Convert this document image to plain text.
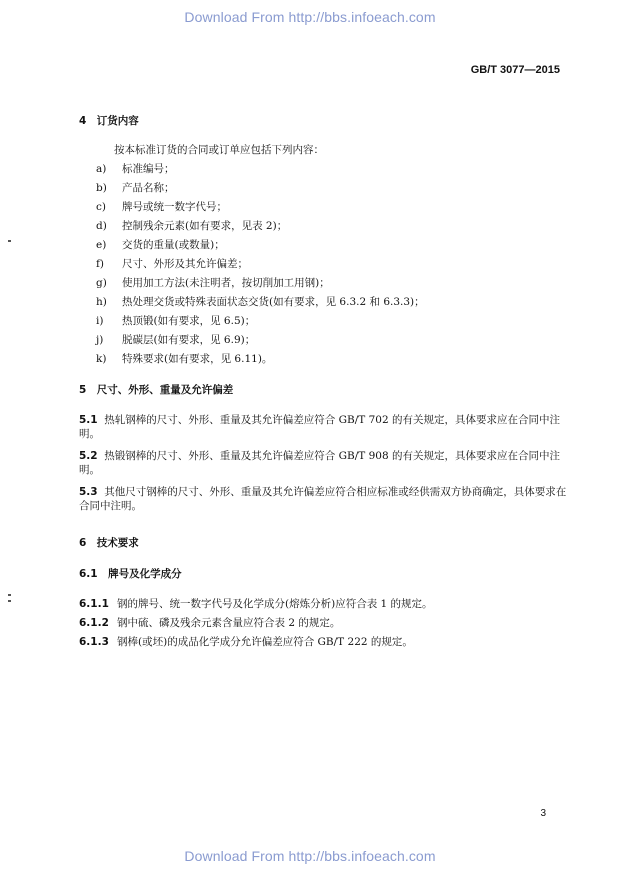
Download From http://bbs.infoeach.com
GB/T 3077—2015
4　订货内容
按本标准订货的合同或订单应包括下列内容：
a) 标准编号；
b) 产品名称；
c) 牌号或统一数字代号；
d) 控制残余元素(如有要求，见表 2)；
e) 交货的重量(或数量)；
f) 尺寸、外形及其允许偏差；
g) 使用加工方法(未注明者，按切削加工用钢)；
h) 热处理交货或特殊表面状态交货(如有要求，见 6.3.2 和 6.3.3)；
i) 热顶锻(如有要求，见 6.5)；
j) 脱碳层(如有要求，见 6.9)；
k) 特殊要求(如有要求，见 6.11)。
5　尺寸、外形、重量及允许偏差
5.1 热轧钢棒的尺寸、外形、重量及其允许偏差应符合 GB/T 702 的有关规定，具体要求应在合同中注明。
5.2 热锻钢棒的尺寸、外形、重量及其允许偏差应符合 GB/T 908 的有关规定，具体要求应在合同中注明。
5.3 其他尺寸钢棒的尺寸、外形、重量及其允许偏差应符合相应标准或经供需双方协商确定，具体要求在合同中注明。
6　技术要求
6.1　牌号及化学成分
6.1.1 钢的牌号、统一数字代号及化学成分(熔炼分析)应符合表 1 的规定。
6.1.2 钢中硫、磷及残余元素含量应符合表 2 的规定。
6.1.3 钢棒(或坯)的成品化学成分允许偏差应符合 GB/T 222 的规定。
3
Download From http://bbs.infoeach.com
